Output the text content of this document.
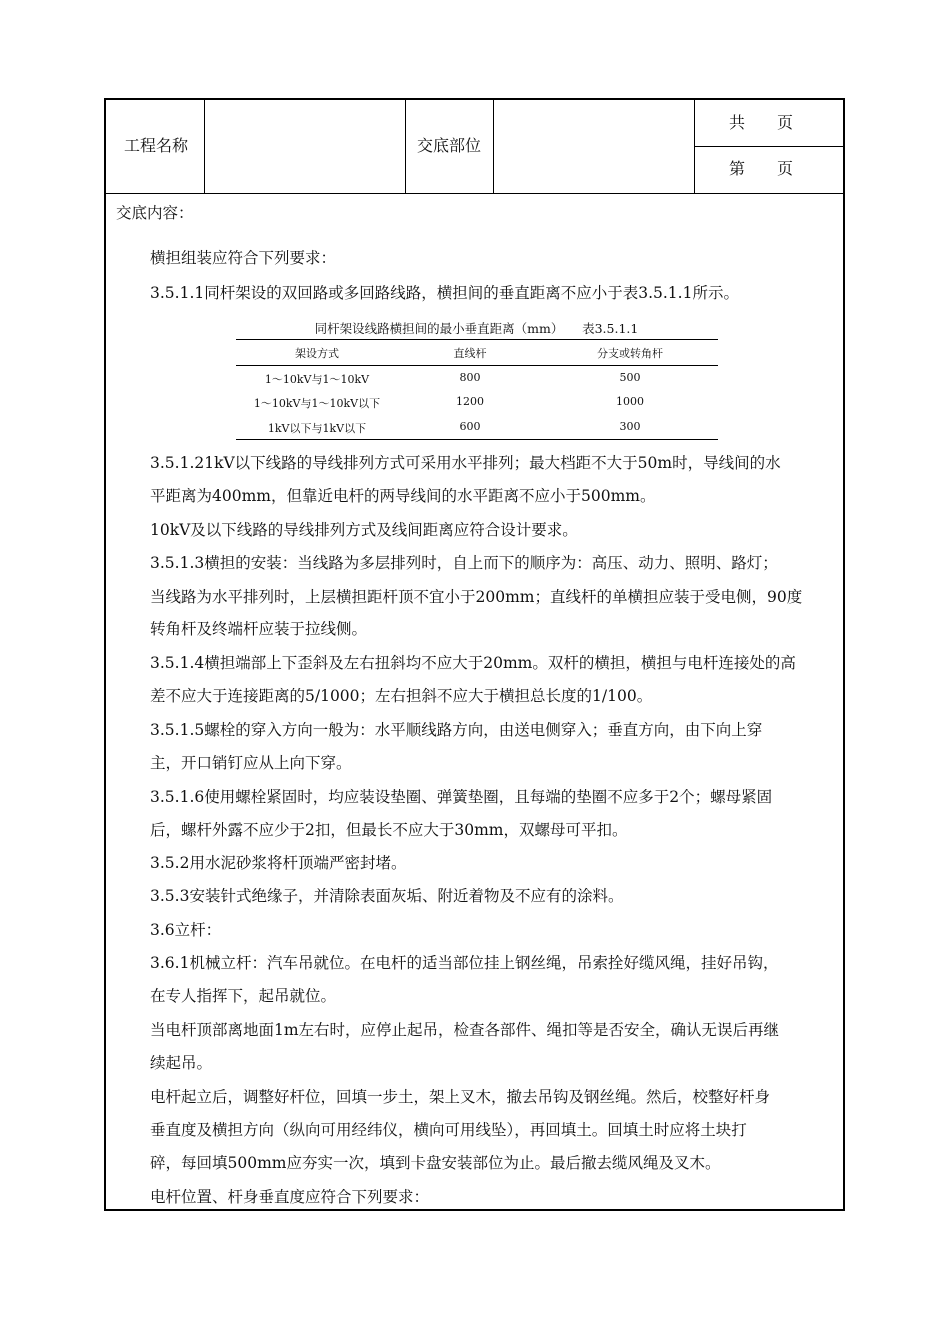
工程名称	交底部位
共　　页
第　　页
交底内容：
横担组装应符合下列要求：
3.5.1.1同杆架设的双回路或多回路线路，横担间的垂直距离不应小于表3.5.1.1所示。
同杆架设线路横担间的最小垂直距离（mm）　　表3.5.1.1
架设方式	直线杆	分支或转角杆
1～10kV与1～10kV	800	500
1～10kV与1～10kV以下	1200	1000
1kV以下与1kV以下	600	300
3.5.1.21kV以下线路的导线排列方式可采用水平排列；最大档距不大于50m时，导线间的水
平距离为400mm，但靠近电杆的两导线间的水平距离不应小于500mm。
10kV及以下线路的导线排列方式及线间距离应符合设计要求。
3.5.1.3横担的安装：当线路为多层排列时，自上而下的顺序为：高压、动力、照明、路灯；
当线路为水平排列时，上层横担距杆顶不宜小于200mm；直线杆的单横担应装于受电侧，90度
转角杆及终端杆应装于拉线侧。
3.5.1.4横担端部上下歪斜及左右扭斜均不应大于20mm。双杆的横担，横担与电杆连接处的高
差不应大于连接距离的5/1000；左右担斜不应大于横担总长度的1/100。
3.5.1.5螺栓的穿入方向一般为：水平顺线路方向，由送电侧穿入；垂直方向，由下向上穿
主，开口销钉应从上向下穿。
3.5.1.6使用螺栓紧固时，均应装设垫圈、弹簧垫圈，且每端的垫圈不应多于2个；螺母紧固
后，螺杆外露不应少于2扣，但最长不应大于30mm，双螺母可平扣。
3.5.2用水泥砂浆将杆顶端严密封堵。
3.5.3安装针式绝缘子，并清除表面灰垢、附近着物及不应有的涂料。
3.6立杆：
3.6.1机械立杆：汽车吊就位。在电杆的适当部位挂上钢丝绳，吊索拴好缆风绳，挂好吊钩，
在专人指挥下，起吊就位。
当电杆顶部离地面1m左右时，应停止起吊，检查各部件、绳扣等是否安全，确认无误后再继
续起吊。
电杆起立后，调整好杆位，回填一步土，架上叉木，撤去吊钩及钢丝绳。然后，校整好杆身
垂直度及横担方向（纵向可用经纬仪，横向可用线坠），再回填土。回填土时应将土块打
碎，每回填500mm应夯实一次，填到卡盘安装部位为止。最后撤去缆风绳及叉木。
电杆位置、杆身垂直度应符合下列要求：
